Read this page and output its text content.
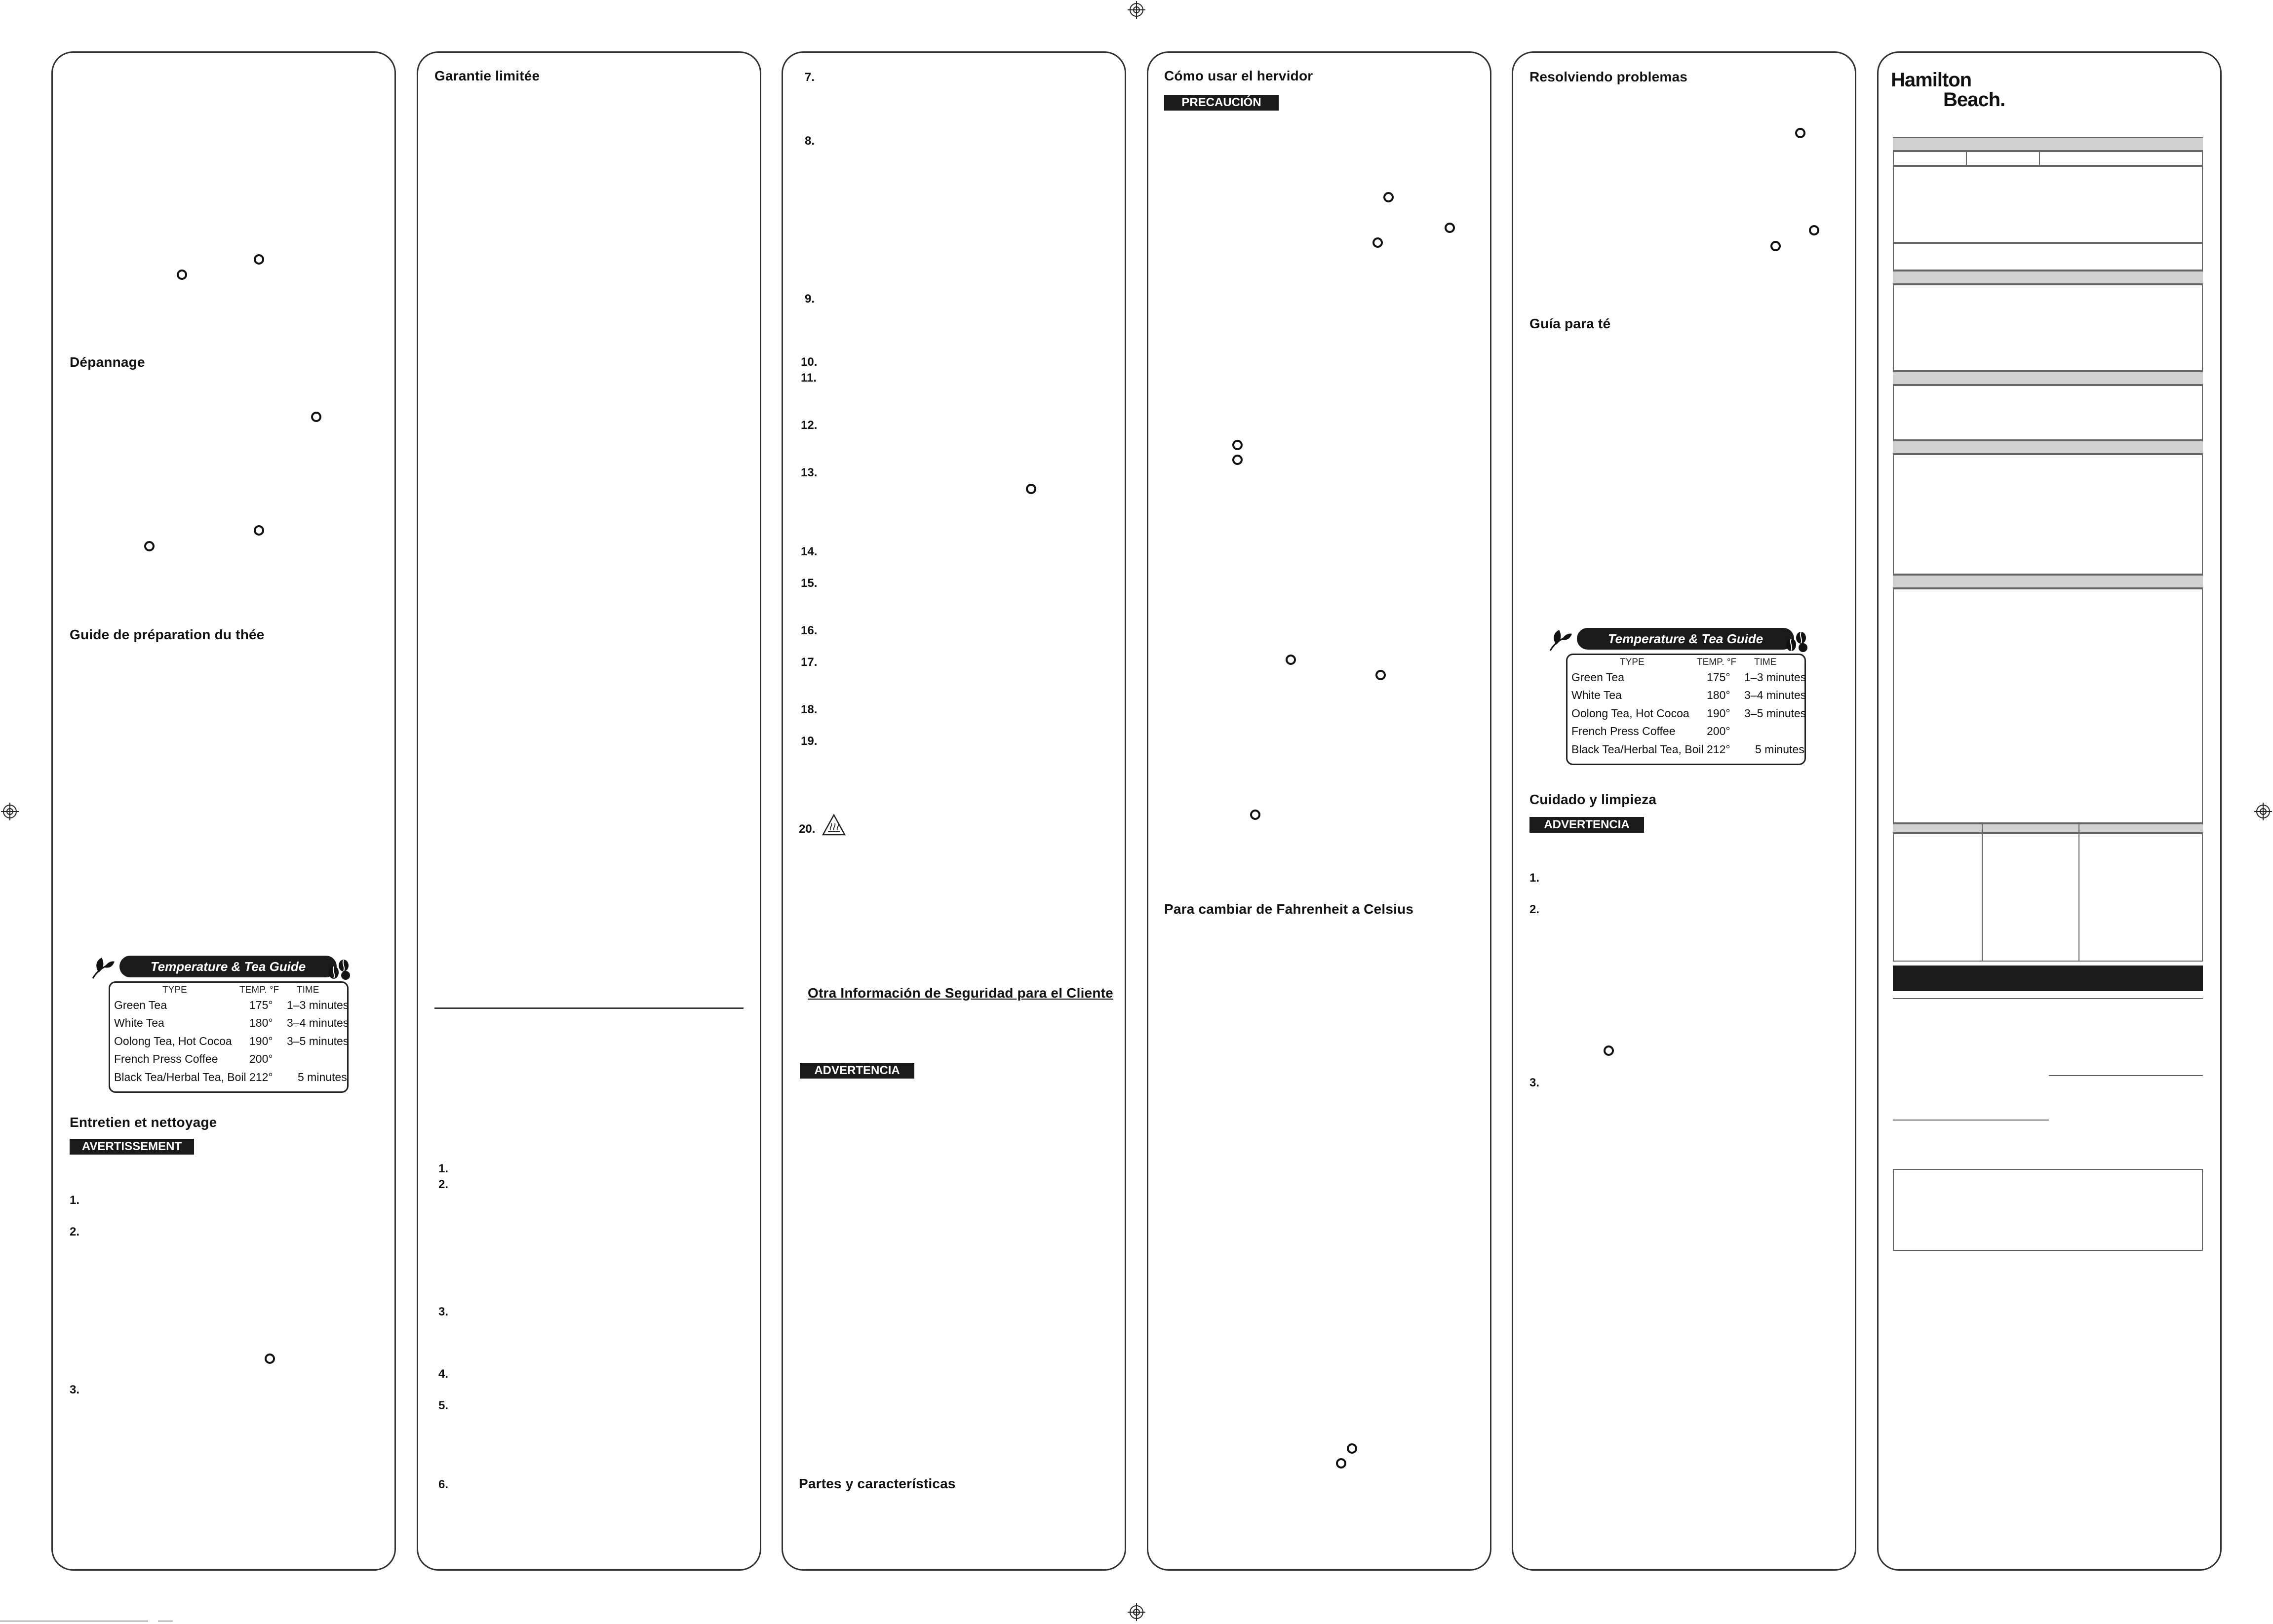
Dépannage
Guide de préparation du thée
Temperature & Tea Guide
TYPE	TEMP. °F TIME
Green Tea	175° 1–3 minutes
White Tea	180° 3–4 minutes
Oolong Tea, Hot Cocoa 190° 3–5 minutes
French Press Coffee	200°
Black Tea/Herbal Tea, Boil 212° 5 minutes
Entretien et nettoyage
AVERTISSEMENT
1.
2.
3.
Garantie limitée
1.
2.
3.
4.
5.
6.
7.
8.
9.
10.
11.
12.
13.
14.
15.
16.
17.
18.
19.
20.
Otra Información de Seguridad para el Cliente
ADVERTENCIA
Partes y características
Cómo usar el hervidor
PRECAUCIÓN
Para cambiar de Fahrenheit a Celsius
Resolviendo problemas
Guía para té
Temperature & Tea Guide
TYPE	TEMP. °F TIME
Green Tea	175° 1–3 minutes
White Tea	180° 3–4 minutes
Oolong Tea, Hot Cocoa 190° 3–5 minutes
French Press Coffee	200°
Black Tea/Herbal Tea, Boil 212° 5 minutes
Cuidado y limpieza
ADVERTENCIA
1.
2.
3.
Hamilton
Beach.
